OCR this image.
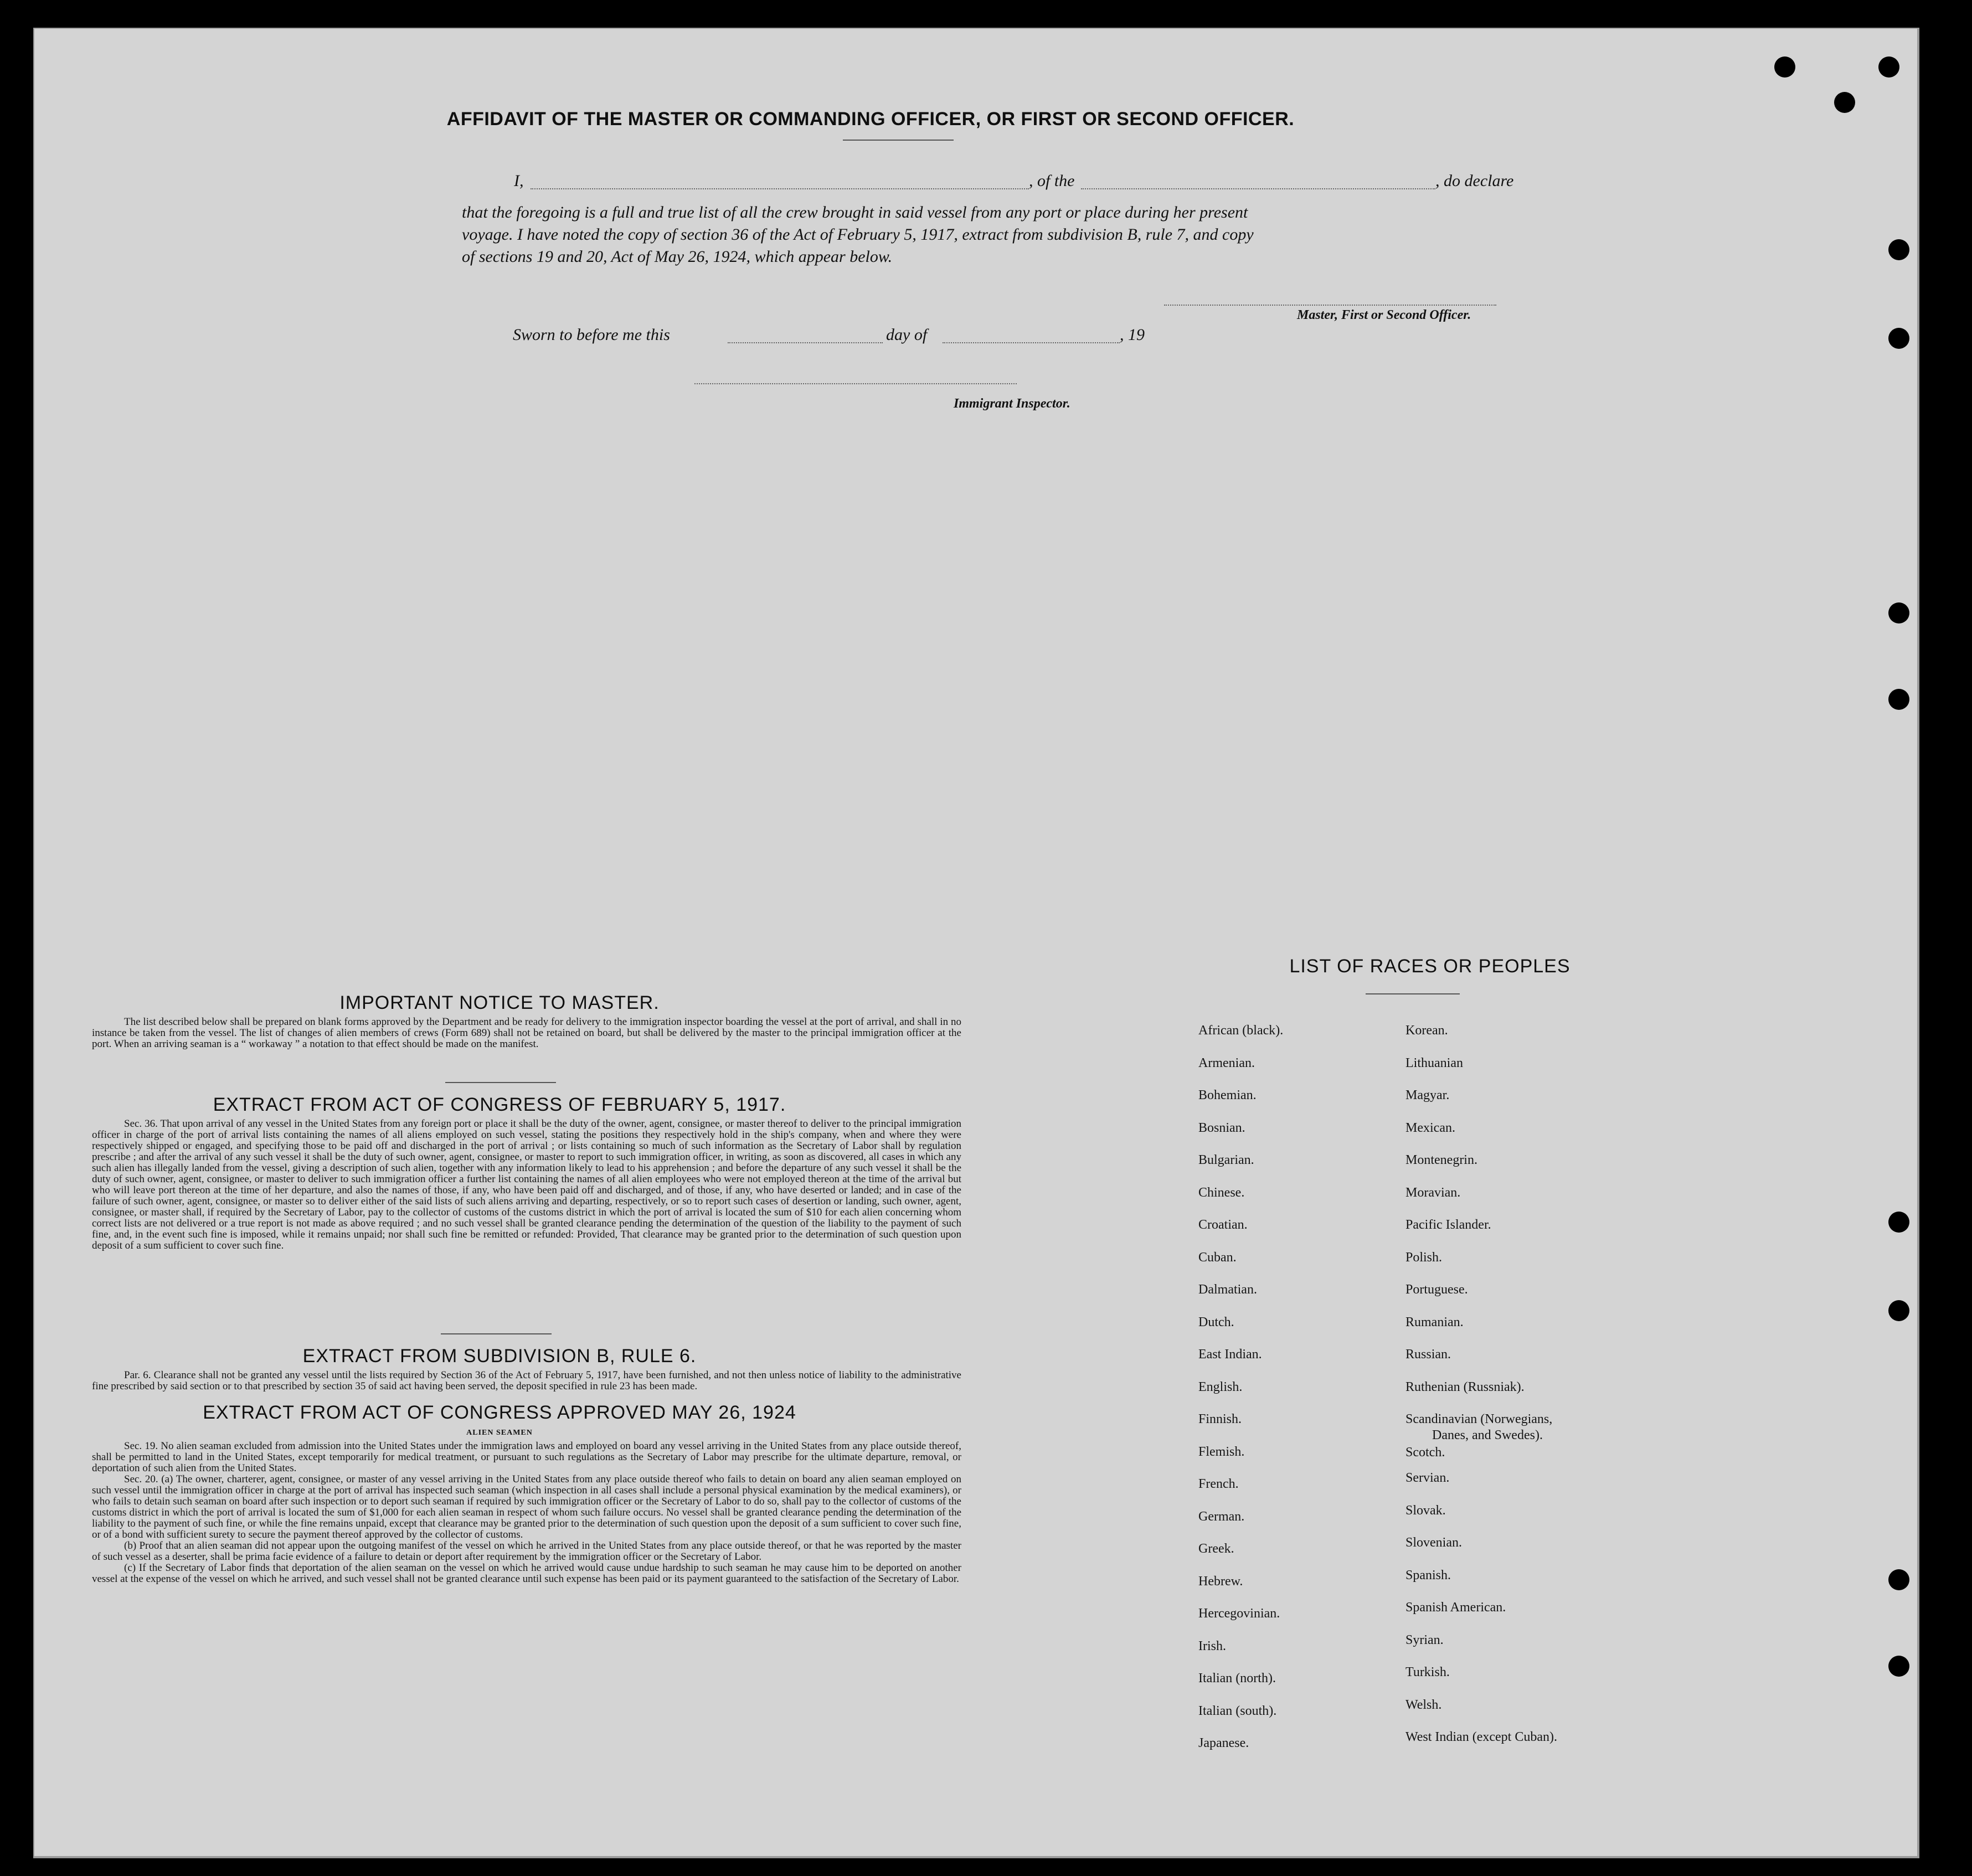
AFFIDAVIT OF THE MASTER OR COMMANDING OFFICER, OR FIRST OR SECOND OFFICER.
I,	, of the	, do declare
that the foregoing is a full and true list of all the crew brought in said vessel from any port or place during her present
voyage. I have noted the copy of section 36 of the Act of February 5, 1917, extract from subdivision B, rule 7, and copy
of sections 19 and 20, Act of May 26, 1924, which appear below.
Master, First or Second Officer.
Sworn to before me this	day of	, 19
Immigrant Inspector.
IMPORTANT NOTICE TO MASTER.

The list described below shall be prepared on blank forms approved by the Department and be ready for delivery to the immigration inspector boarding the vessel at the port of arrival, and shall in no instance be taken from the vessel. The list of changes of alien members of crews (Form 689) shall not be retained on board, but shall be delivered by the master to the principal immigration officer at the port. When an arriving seaman is a “ workaway ” a notation to that effect should be made on the manifest.

EXTRACT FROM ACT OF CONGRESS OF FEBRUARY 5, 1917.

Sec. 36. That upon arrival of any vessel in the United States from any foreign port or place it shall be the duty of the owner, agent, consignee, or master thereof to deliver to the principal immigration officer in charge of the port of arrival lists containing the names of all aliens employed on such vessel, stating the positions they respectively hold in the ship's company, when and where they were respectively shipped or engaged, and specifying those to be paid off and discharged in the port of arrival ; or lists containing so much of such information as the Secretary of Labor shall by regulation prescribe ; and after the arrival of any such vessel it shall be the duty of such owner, agent, consignee, or master to report to such immigration officer, in writing, as soon as discovered, all cases in which any such alien has illegally landed from the vessel, giving a description of such alien, together with any information likely to lead to his apprehension ; and before the departure of any such vessel it shall be the duty of such owner, agent, consignee, or master to deliver to such immigration officer a further list containing the names of all alien employees who were not employed thereon at the time of the arrival but who will leave port thereon at the time of her departure, and also the names of those, if any, who have been paid off and discharged, and of those, if any, who have deserted or landed; and in case of the failure of such owner, agent, consignee, or master so to deliver either of the said lists of such aliens arriving and departing, respectively, or so to report such cases of desertion or landing, such owner, agent, consignee, or master shall, if required by the Secretary of Labor, pay to the collector of customs of the customs district in which the port of arrival is located the sum of $10 for each alien concerning whom correct lists are not delivered or a true report is not made as above required ; and no such vessel shall be granted clearance pending the determination of the question of the liability to the payment of such fine, and, in the event such fine is imposed, while it remains unpaid; nor shall such fine be remitted or refunded: Provided, That clearance may be granted prior to the determination of such question upon deposit of a sum sufficient to cover such fine.

EXTRACT FROM SUBDIVISION B, RULE 6.

Par. 6. Clearance shall not be granted any vessel until the lists required by Section 36 of the Act of February 5, 1917, have been furnished, and not then unless notice of liability to the administrative fine prescribed by said section or to that prescribed by section 35 of said act having been served, the deposit specified in rule 23 has been made.

EXTRACT FROM ACT OF CONGRESS APPROVED MAY 26, 1924
ALIEN SEAMEN

Sec. 19. No alien seaman excluded from admission into the United States under the immigration laws and employed on board any vessel arriving in the United States from any place outside thereof, shall be permitted to land in the United States, except temporarily for medical treatment, or pursuant to such regulations as the Secretary of Labor may prescribe for the ultimate departure, removal, or deportation of such alien from the United States.

Sec. 20. (a) The owner, charterer, agent, consignee, or master of any vessel arriving in the United States from any place outside thereof who fails to detain on board any alien seaman employed on such vessel until the immigration officer in charge at the port of arrival has inspected such seaman (which inspection in all cases shall include a personal physical examination by the medical examiners), or who fails to detain such seaman on board after such inspection or to deport such seaman if required by such immigration officer or the Secretary of Labor to do so, shall pay to the collector of customs of the customs district in which the port of arrival is located the sum of $1,000 for each alien seaman in respect of whom such failure occurs. No vessel shall be granted clearance pending the determination of the liability to the payment of such fine, or while the fine remains unpaid, except that clearance may be granted prior to the determination of such question upon the deposit of a sum sufficient to cover such fine, or of a bond with sufficient surety to secure the payment thereof approved by the collector of customs.

(b) Proof that an alien seaman did not appear upon the outgoing manifest of the vessel on which he arrived in the United States from any place outside thereof, or that he was reported by the master of such vessel as a deserter, shall be prima facie evidence of a failure to detain or deport after requirement by the immigration officer or the Secretary of Labor.

(c) If the Secretary of Labor finds that deportation of the alien seaman on the vessel on which he arrived would cause undue hardship to such seaman he may cause him to be deported on another vessel at the expense of the vessel on which he arrived, and such vessel shall not be granted clearance until such expense has been paid or its payment guaranteed to the satisfaction of the Secretary of Labor.

LIST OF RACES OR PEOPLES
African (black).
Armenian.
Bohemian.
Bosnian.
Bulgarian.
Chinese.
Croatian.
Cuban.
Dalmatian.
Dutch.
East Indian.
English.
Finnish.
Flemish.
French.
German.
Greek.
Hebrew.
Hercegovinian.
Irish.
Italian (north).
Italian (south).
Japanese.
Korean.
Lithuanian
Magyar.
Mexican.
Montenegrin.
Moravian.
Pacific Islander.
Polish.
Portuguese.
Rumanian.
Russian.
Ruthenian (Russniak).
Scandinavian (Norwegians,
Danes, and Swedes).
Scotch.
Servian.
Slovak.
Slovenian.
Spanish.
Spanish American.
Syrian.
Turkish.
Welsh.
West Indian (except Cuban).
